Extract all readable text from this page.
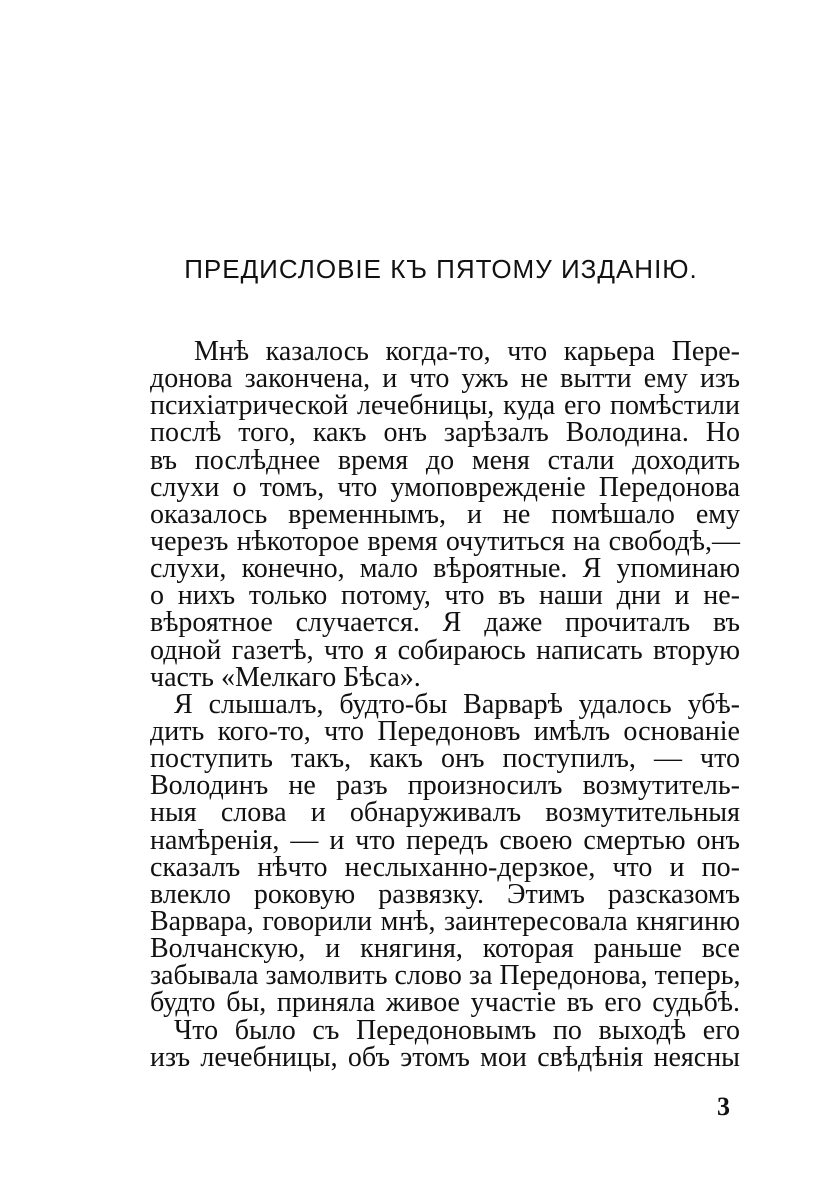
ПРЕДИСЛОВІЕ КЪ ПЯТОМУ ИЗДАНІЮ.
Мнѣ казалось когда-то, что карьера Пере-
донова закончена, и что ужъ не вытти ему изъ
психіатрической лечебницы, куда его помѣстили
послѣ того, какъ онъ зарѣзалъ Володина. Но
въ послѣднее время до меня стали доходить
слухи о томъ, что умоповрежденіе Передонова
оказалось временнымъ, и не помѣшало ему
черезъ нѣкоторое время очутиться на свободѣ,—
слухи, конечно, мало вѣроятные. Я упоминаю
о нихъ только потому, что въ наши дни и не-
вѣроятное случается. Я даже прочиталъ въ
одной газетѣ, что я собираюсь написать вторую
часть «Мелкаго Бѣса».
Я слышалъ, будто-бы Варварѣ удалось убѣ-
дить кого-то, что Передоновъ имѣлъ основаніе
поступить такъ, какъ онъ поступилъ, — что
Володинъ не разъ произносилъ возмутитель-
ныя слова и обнаруживалъ возмутительныя
намѣренія, — и что передъ своею смертью онъ
сказалъ нѣчто неслыханно-дерзкое, что и по-
влекло роковую развязку. Этимъ разсказомъ
Варвара, говорили мнѣ, заинтересовала княгиню
Волчанскую, и княгиня, которая раньше все
забывала замолвить слово за Передонова, теперь,
будто бы, приняла живое участіе въ его судьбѣ.
Что было съ Передоновымъ по выходѣ его
изъ лечебницы, объ этомъ мои свѣдѣнія неясны
3
